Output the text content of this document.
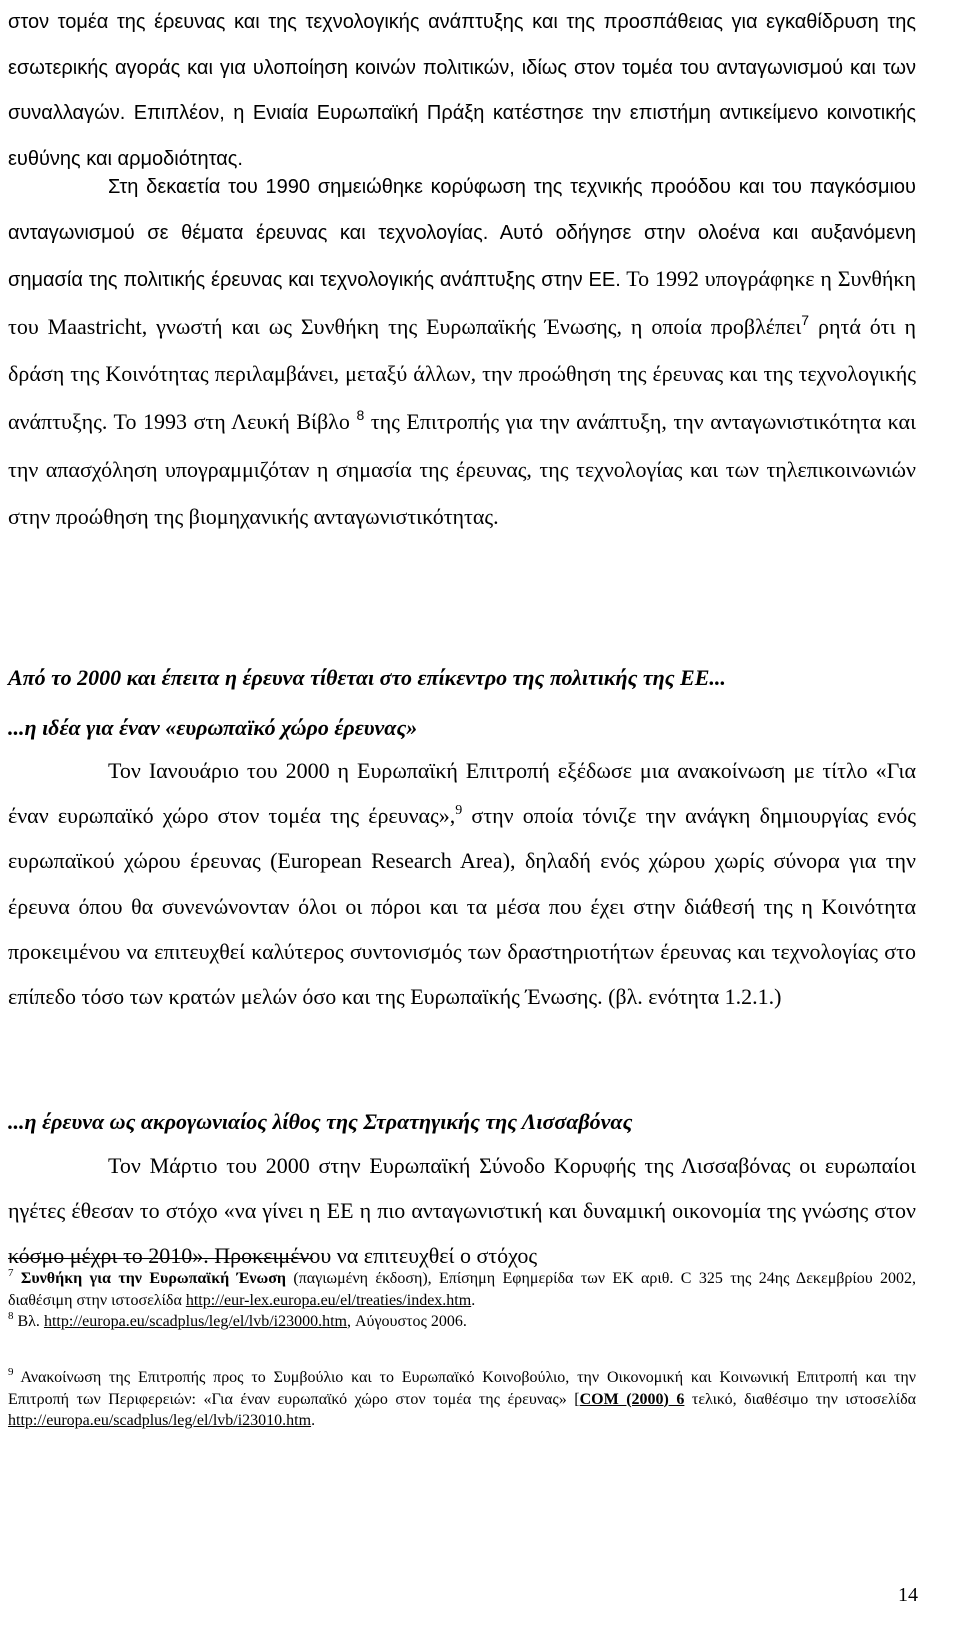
στον τομέα της έρευνας και της τεχνολογικής ανάπτυξης και της προσπάθειας για εγκαθίδρυση της εσωτερικής αγοράς και για υλοποίηση κοινών πολιτικών, ιδίως στον τομέα του ανταγωνισμού και των συναλλαγών. Επιπλέον, η Ενιαία Ευρωπαϊκή Πράξη κατέστησε την επιστήμη αντικείμενο κοινοτικής ευθύνης και αρμοδιότητας.

Στη δεκαετία του 1990 σημειώθηκε κορύφωση της τεχνικής προόδου και του παγκόσμιου ανταγωνισμού σε θέματα έρευνας και τεχνολογίας. Αυτό οδήγησε στην ολοένα και αυξανόμενη σημασία της πολιτικής έρευνας και τεχνολογικής ανάπτυξης στην ΕΕ. Το 1992 υπογράφηκε η Συνθήκη του Maastricht, γνωστή και ως Συνθήκη της Ευρωπαϊκής Ένωσης, η οποία προβλέπει$^7$ ρητά ότι η δράση της Κοινότητας περιλαμβάνει, μεταξύ άλλων, την προώθηση της έρευνας και της τεχνολογικής ανάπτυξης. Το 1993 στη Λευκή Βίβλο $^8$ της Επιτροπής για την ανάπτυξη, την ανταγωνιστικότητα και την απασχόληση υπογραμμιζόταν η σημασία της έρευνας, της τεχνολογίας και των τηλεπικοινωνιών στην προώθηση της βιομηχανικής ανταγωνιστικότητας.

Από το 2000 και έπειτα η έρευνα τίθεται στο επίκεντρο της πολιτικής της ΕΕ...
...η ιδέα για έναν «ευρωπαϊκό χώρο έρευνας»

Τον Ιανουάριο του 2000 η Ευρωπαϊκή Επιτροπή εξέδωσε μια ανακοίνωση με τίτλο «Για έναν ευρωπαϊκό χώρο στον τομέα της έρευνας»,$^9$ στην οποία τόνιζε την ανάγκη δημιουργίας ενός ευρωπαϊκού χώρου έρευνας (European Research Area), δηλαδή ενός χώρου χωρίς σύνορα για την έρευνα όπου θα συνενώνονταν όλοι οι πόροι και τα μέσα που έχει στην διάθεσή της η Κοινότητα προκειμένου να επιτευχθεί καλύτερος συντονισμός των δραστηριοτήτων έρευνας και τεχνολογίας στο επίπεδο τόσο των κρατών μελών όσο και της Ευρωπαϊκής Ένωσης. (βλ. ενότητα 1.2.1.)

...η έρευνα ως ακρογωνιαίος λίθος της Στρατηγικής της Λισσαβόνας

Τον Μάρτιο του 2000 στην Ευρωπαϊκή Σύνοδο Κορυφής της Λισσαβόνας οι ευρωπαίοι ηγέτες έθεσαν το στόχο «να γίνει η ΕΕ η πιο ανταγωνιστική και δυναμική οικονομία της γνώσης στον κόσμο μέχρι το 2010». Προκειμένου να επιτευχθεί ο στόχος

$^7$ Συνθήκη για την Ευρωπαϊκή Ένωση (παγιωμένη έκδοση), Επίσημη Εφημερίδα των ΕΚ αριθ. C 325 της 24ης Δεκεμβρίου 2002, διαθέσιμη στην ιστοσελίδα http://eur-lex.europa.eu/el/treaties/index.htm.
$^8$ Βλ. http://europa.eu/scadplus/leg/el/lvb/i23000.htm, Αύγουστος 2006.
$^9$ Ανακοίνωση της Επιτροπής προς το Συμβούλιο και το Ευρωπαϊκό Κοινοβούλιο, την Οικονομική και Κοινωνική Επιτροπή και την Επιτροπή των Περιφερειών: «Για έναν ευρωπαϊκό χώρο στον τομέα της έρευνας» [COM (2000) 6 τελικό, διαθέσιμο την ιστοσελίδα http://europa.eu/scadplus/leg/el/lvb/i23010.htm.
14
